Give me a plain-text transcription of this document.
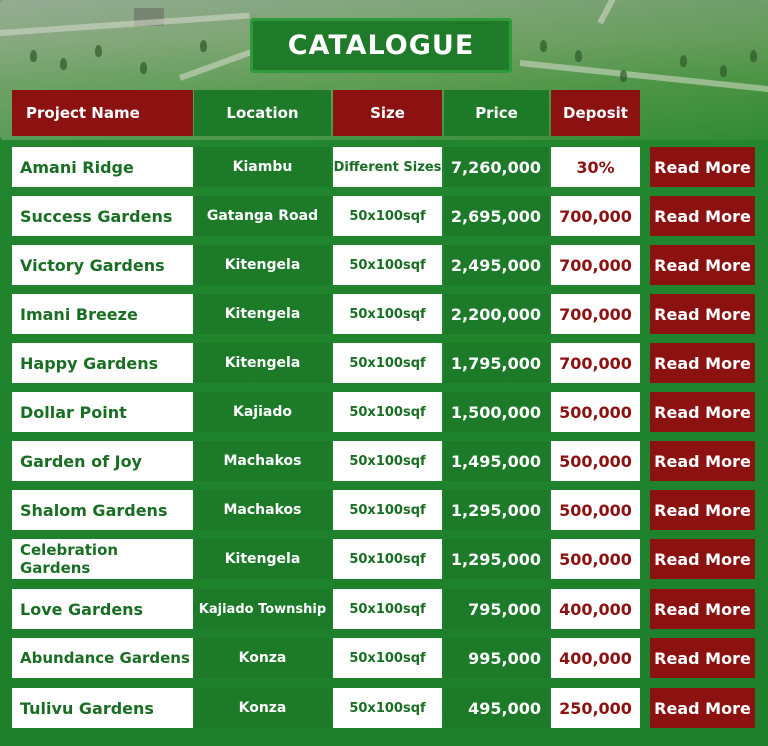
CATALOGUE
Project Name	Location	Size	Price	Deposit
Amani Ridge	Kiambu	Different Sizes 7,260,000	30%	Read More
Success Gardens	Gatanga Road	50x100sqf	2,695,000	700,000	Read More
Victory Gardens	Kitengela	50x100sqf	2,495,000	700,000	Read More
Imani Breeze	Kitengela	50x100sqf	2,200,000	700,000	Read More
Happy Gardens	Kitengela	50x100sqf	1,795,000	700,000	Read More
Dollar Point	Kajiado	50x100sqf	1,500,000	500,000	Read More
Garden of Joy	Machakos	50x100sqf	1,495,000	500,000	Read More
Shalom Gardens	Machakos	50x100sqf	1,295,000	500,000	Read More
Celebration Gardens	Kitengela	50x100sqf	1,295,000	500,000	Read More
Love Gardens	Kajiado Township	50x100sqf	795,000	400,000	Read More
Abundance Gardens	Konza	50x100sqf	995,000	400,000	Read More
Tulivu Gardens	Konza	50x100sqf	495,000	250,000	Read More
